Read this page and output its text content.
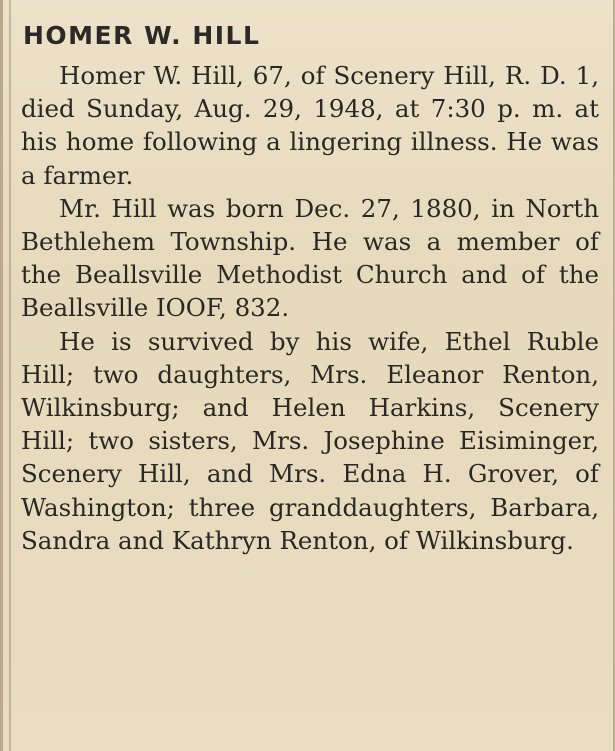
HOMER W. HILL

Homer W. Hill, 67, of Scenery Hill, R. D. 1, died Sunday, Aug. 29, 1948, at 7:30 p. m. at his home following a lingering illness. He was a farmer.

Mr. Hill was born Dec. 27, 1880, in North Bethlehem Township. He was a member of the Beallsville Methodist Church and of the Beallsville IOOF, 832.

He is survived by his wife, Ethel Ruble Hill; two daughters, Mrs. Eleanor Renton, Wilkinsburg; and Helen Harkins, Scenery Hill; two sisters, Mrs. Josephine Eisiminger, Scenery Hill, and Mrs. Edna H. Grover, of Washington; three granddaughters, Barbara, Sandra and Kathryn Renton, of Wilkinsburg.
